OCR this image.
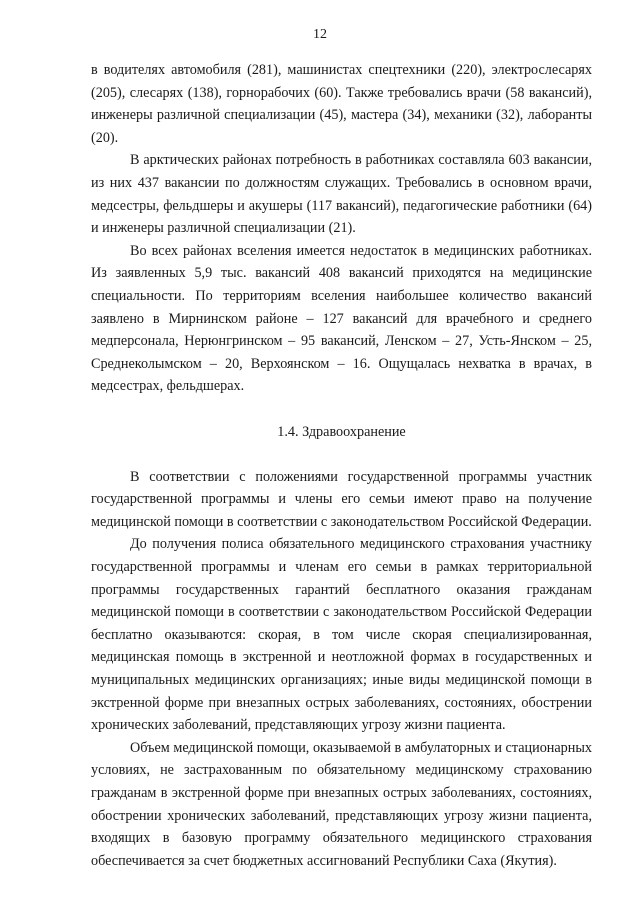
12

в водителях автомобиля (281), машинистах спецтехники (220), электрослесарях (205), слесарях (138), горнорабочих (60). Также требовались врачи (58 вакансий), инженеры различной специализации (45), мастера (34), механики (32), лаборанты (20).

В арктических районах потребность в работниках составляла 603 вакансии, из них 437 вакансии по должностям служащих. Требовались в основном врачи, медсестры, фельдшеры и акушеры (117 вакансий), педагогические работники (64) и инженеры различной специализации (21).

Во всех районах вселения имеется недостаток в медицинских работниках. Из заявленных 5,9 тыс. вакансий 408 вакансий приходятся на медицинские специальности. По территориям вселения наибольшее количество вакансий заявлено в Мирнинском районе – 127 вакансий для врачебного и среднего медперсонала, Нерюнгринском – 95 вакансий, Ленском – 27, Усть-Янском – 25, Среднеколымском – 20, Верхоянском – 16. Ощущалась нехватка в врачах, в медсестрах, фельдшерах.

1.4. Здравоохранение

В соответствии с положениями государственной программы участник государственной программы и члены его семьи имеют право на получение медицинской помощи в соответствии с законодательством Российской Федерации.

До получения полиса обязательного медицинского страхования участнику государственной программы и членам его семьи в рамках территориальной программы государственных гарантий бесплатного оказания гражданам медицинской помощи в соответствии с законодательством Российской Федерации бесплатно оказываются: скорая, в том числе скорая специализированная, медицинская помощь в экстренной и неотложной формах в государственных и муниципальных медицинских организациях; иные виды медицинской помощи в экстренной форме при внезапных острых заболеваниях, состояниях, обострении хронических заболеваний, представляющих угрозу жизни пациента.

Объем медицинской помощи, оказываемой в амбулаторных и стационарных условиях, не застрахованным по обязательному медицинскому страхованию гражданам в экстренной форме при внезапных острых заболеваниях, состояниях, обострении хронических заболеваний, представляющих угрозу жизни пациента, входящих в базовую программу обязательного медицинского страхования обеспечивается за счет бюджетных ассигнований Республики Саха (Якутия).
